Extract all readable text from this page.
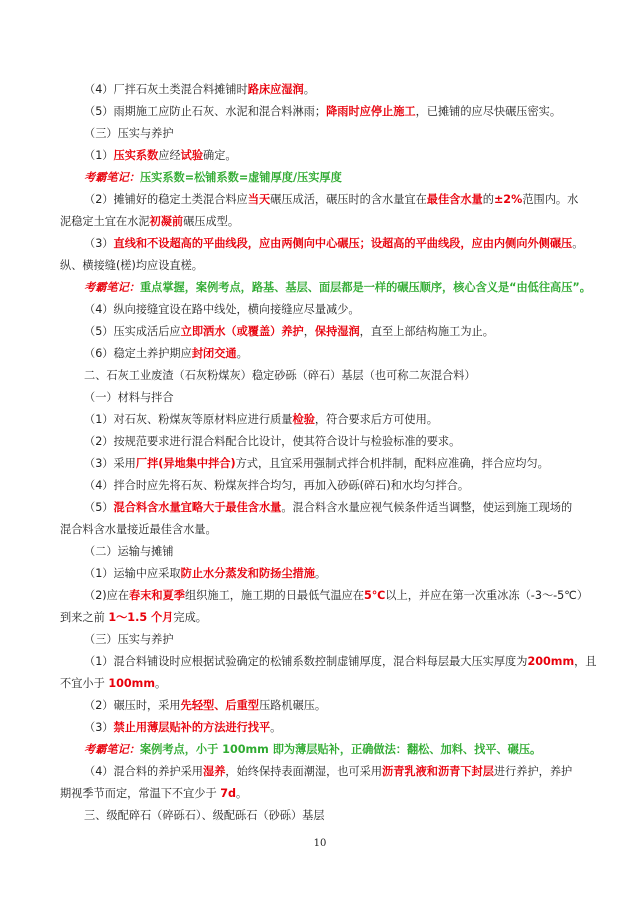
（4）厂拌石灰土类混合料摊铺时路床应湿润。
（5）雨期施工应防止石灰、水泥和混合料淋雨；降雨时应停止施工，已摊铺的应尽快碾压密实。
（三）压实与养护
（1）压实系数应经试验确定。
考霸笔记：压实系数=松铺系数=虚铺厚度/压实厚度
（2）摊铺好的稳定土类混合料应当天碾压成活，碾压时的含水量宜在最佳含水量的±2%范围内。水
泥稳定土宜在水泥初凝前碾压成型。
（3）直线和不设超高的平曲线段，应由两侧向中心碾压；设超高的平曲线段，应由内侧向外侧碾压。
纵、横接缝(槎)均应设直槎。
考霸笔记：重点掌握，案例考点，路基、基层、面层都是一样的碾压顺序，核心含义是“由低往高压”。
（4）纵向接缝宜设在路中线处，横向接缝应尽量减少。
（5）压实成活后应立即洒水（或覆盖）养护，保持湿润，直至上部结构施工为止。
（6）稳定土养护期应封闭交通。
二、石灰工业废渣（石灰粉煤灰）稳定砂砾（碎石）基层（也可称二灰混合料）
（一）材料与拌合
（1）对石灰、粉煤灰等原材料应进行质量检验，符合要求后方可使用。
（2）按规范要求进行混合料配合比设计，使其符合设计与检验标准的要求。
（3）采用厂拌(异地集中拌合)方式，且宜采用强制式拌合机拌制，配料应准确，拌合应均匀。
（4）拌合时应先将石灰、粉煤灰拌合均匀，再加入砂砾(碎石)和水均匀拌合。
（5）混合料含水量宜略大于最佳含水量。混合料含水量应视气候条件适当调整，使运到施工现场的
混合料含水量接近最佳含水量。
（二）运输与摊铺
（1）运输中应采取防止水分蒸发和防扬尘措施。
（2)应在春末和夏季组织施工，施工期的日最低气温应在5℃以上，并应在第一次重冰冻（-3～-5℃）
到来之前 1～1.5 个月完成。
（三）压实与养护
（1）混合料铺设时应根据试验确定的松铺系数控制虚铺厚度，混合料每层最大压实厚度为200mm，且
不宜小于 100mm。
（2）碾压时，采用先轻型、后重型压路机碾压。
（3）禁止用薄层贴补的方法进行找平。
考霸笔记：案例考点，小于 100mm 即为薄层贴补，正确做法：翻松、加料、找平、碾压。
（4）混合料的养护采用湿养，始终保持表面潮湿，也可采用沥青乳液和沥青下封层进行养护，养护
期视季节而定，常温下不宜少于 7d。
三、级配碎石（碎砾石）、级配砾石（砂砾）基层
10
